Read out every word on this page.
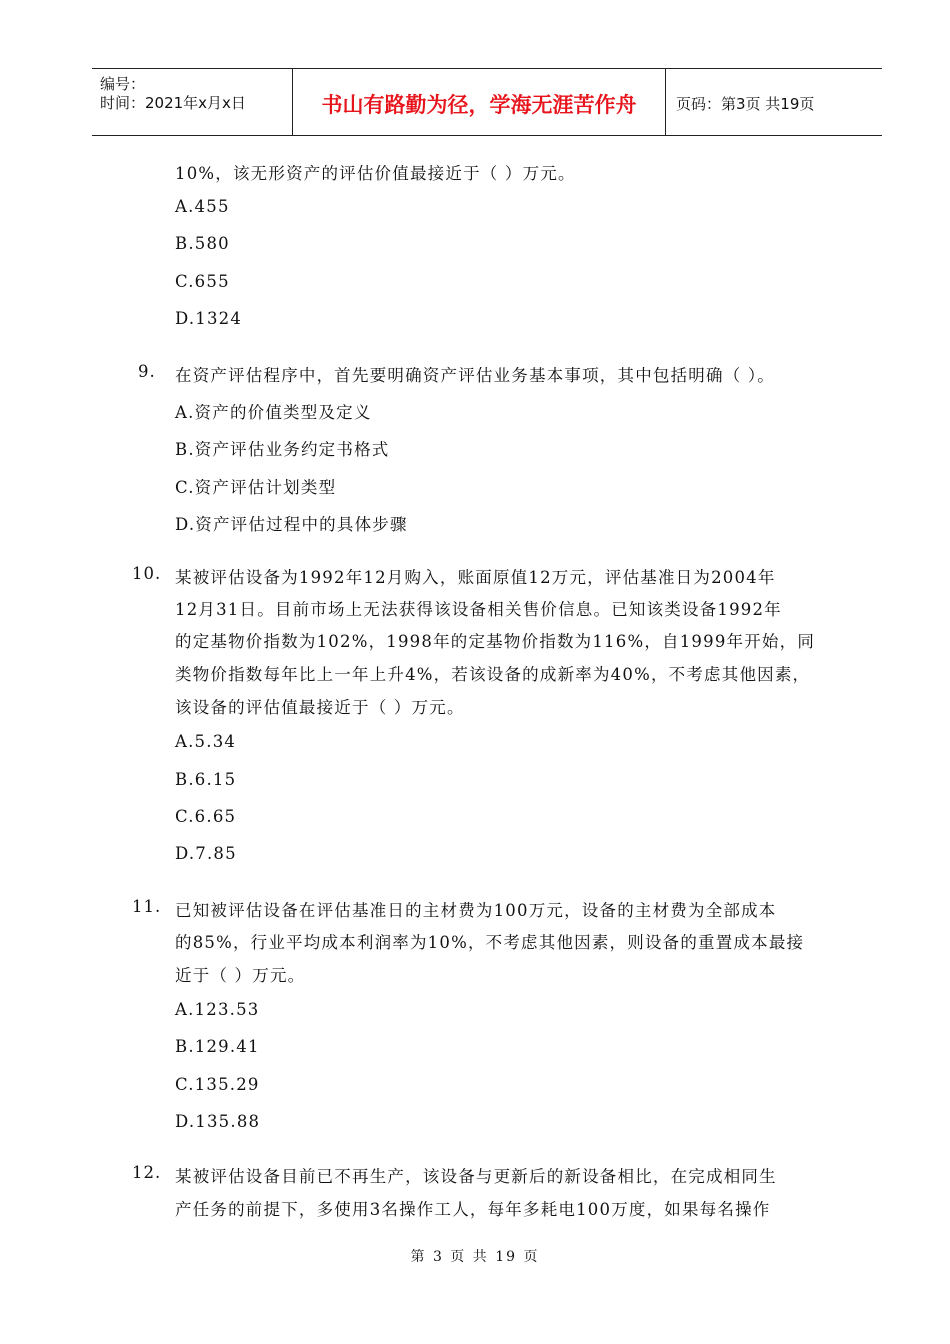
编号：
时间：2021年x月x日	书山有路勤为径，学海无涯苦作舟	页码：第3页 共19页
10%，该无形资产的评估价值最接近于（ ）万元。
A.455
B.580
C.655
D.1324
9. 在资产评估程序中，首先要明确资产评估业务基本事项，其中包括明确（ ）。
A.资产的价值类型及定义
B.资产评估业务约定书格式
C.资产评估计划类型
D.资产评估过程中的具体步骤
10. 某被评估设备为1992年12月购入，账面原值12万元，评估基准日为2004年
12月31日。目前市场上无法获得该设备相关售价信息。已知该类设备1992年
的定基物价指数为102%，1998年的定基物价指数为116%，自1999年开始，同
类物价指数每年比上一年上升4%，若该设备的成新率为40%，不考虑其他因素，
该设备的评估值最接近于（ ）万元。
A.5.34
B.6.15
C.6.65
D.7.85
11. 已知被评估设备在评估基准日的主材费为100万元，设备的主材费为全部成本
的85%，行业平均成本利润率为10%，不考虑其他因素，则设备的重置成本最接
近于（ ）万元。
A.123.53
B.129.41
C.135.29
D.135.88
12. 某被评估设备目前已不再生产，该设备与更新后的新设备相比，在完成相同生
产任务的前提下，多使用3名操作工人，每年多耗电100万度，如果每名操作
第 3 页 共 19 页
